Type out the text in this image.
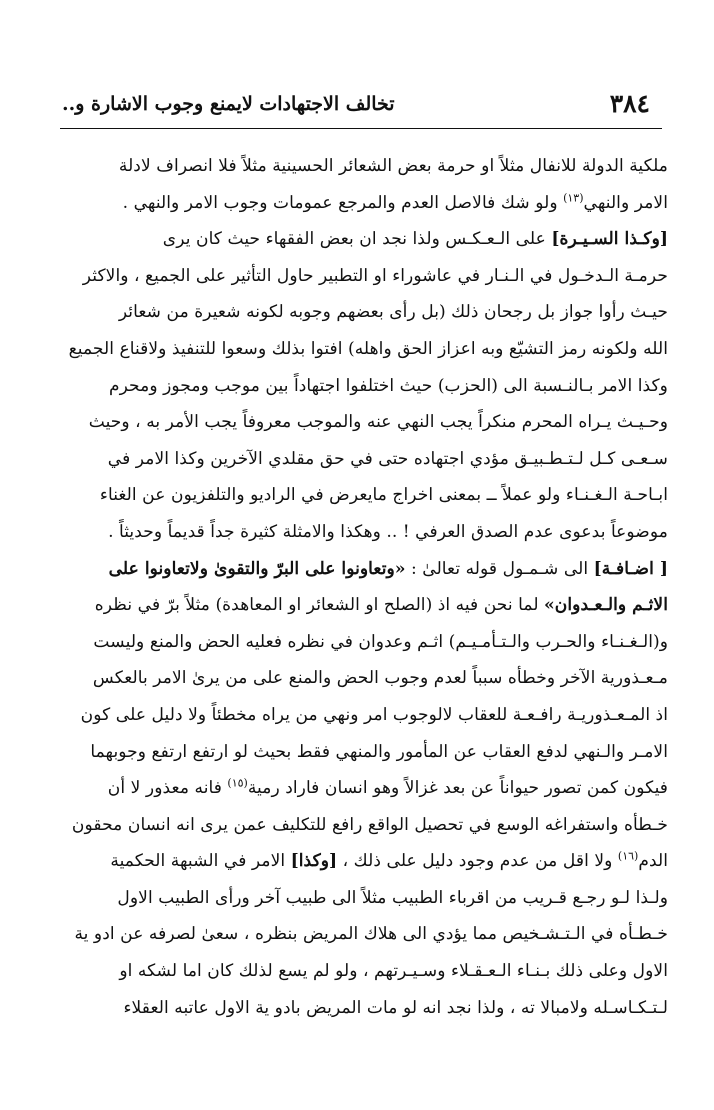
٣٨٤
تخالف الاجتهادات لايمنع وجوب الاشارة و..

ملكية الدولة للانفال مثلاً او حرمة بعض الشعائر الحسينية مثلاً فلا انصراف لادلة
الامر والنهي$^{(١٣)}$ ولو شك فالاصل العدم والمرجع عمومات وجوب الامر والنهي .

[وكـذا السـيـرة] على الـعـكـس ولذا نجد ان بعض الفقهاء حيث كان يرى
حرمـة الـدخـول في الـنـار في عاشوراء او التطبير حاول التأثير على الجميع ، والاكثر
حيـث رأوا جواز بل رجحان ذلك (بل رأى بعضهم وجوبه لكونه شعيرة من شعائر
الله ولكونه رمز التشيّع وبه اعزاز الحق واهله) افتوا بذلك وسعوا للتنفيذ ولاقناع الجميع
وكذا الامر بـالنـسبة الى (الحزب) حيث اختلفوا اجتهاداً بين موجب ومجوز ومحرم
وحـيـث يـراه المحرم منكراً يجب النهي عنه والموجب معروفاً يجب الأمر به ، وحيث
سـعـى كـل لـتـطـبيـق مؤدي اجتهاده حتى في حق مقلدي الآخرين وكذا الامر في
ابـاحـة الـغـنـاء ولو عملاً ــ بمعنى اخراج مايعرض في الراديو والتلفزيون عن الغناء
موضوعاً بدعوى عدم الصدق العرفي ! .. وهكذا والامثلة كثيرة جداً قديماً وحديثاً .

[ اضـافـة] الى شـمـول قوله تعالىٰ : «وتعاونوا على البرّ والتقوىٰ ولاتعاونوا على
الاثـم والـعـدوان» لما نحن فيه اذ (الصلح او الشعائر او المعاهدة) مثلاً برّ في نظره
و(الـغـنـاء والحـرب والـتـأمـيـم) اثـم وعدوان في نظره فعليه الحض والمنع وليست
مـعـذورية الآخر وخطأه سبباً لعدم وجوب الحض والمنع على من يرىٰ الامر بالعكس
اذ المـعـذوريـة رافـعـة للعقاب لالوجوب امر ونهي من يراه مخطئاً ولا دليل على كون
الامـر والـنهي لدفع العقاب عن المأمور والمنهي فقط بحيث لو ارتفع ارتفع وجوبهما
فيكون كمن تصور حيواناً عن بعد غزالاً وهو انسان فاراد رمية$^{(١٥)}$ فانه معذور لا أن
خـطأه واستفراغه الوسع في تحصيل الواقع رافع للتكليف عمن يرى انه انسان محقون
الدم$^{(١٦)}$ ولا اقل من عدم وجود دليل على ذلك ، [وكذا] الامر في الشبهة الحكمية
ولـذا لـو رجـع قـريب من اقرباء الطبيب مثلاً الى طبيب آخر ورأى الطبيب الاول
خـطـأه في الـتـشـخيص مما يؤدي الى هلاك المريض بنظره ، سعىٰ لصرفه عن ادو ية
الاول وعلى ذلك بـنـاء الـعـقـلاء وسـيـرتهم ، ولو لم يسع لذلك كان اما لشكه او
لـتـكـاسـله ولامبالا ته ، ولذا نجد انه لو مات المريض بادو ية الاول عاتبه العقلاء
